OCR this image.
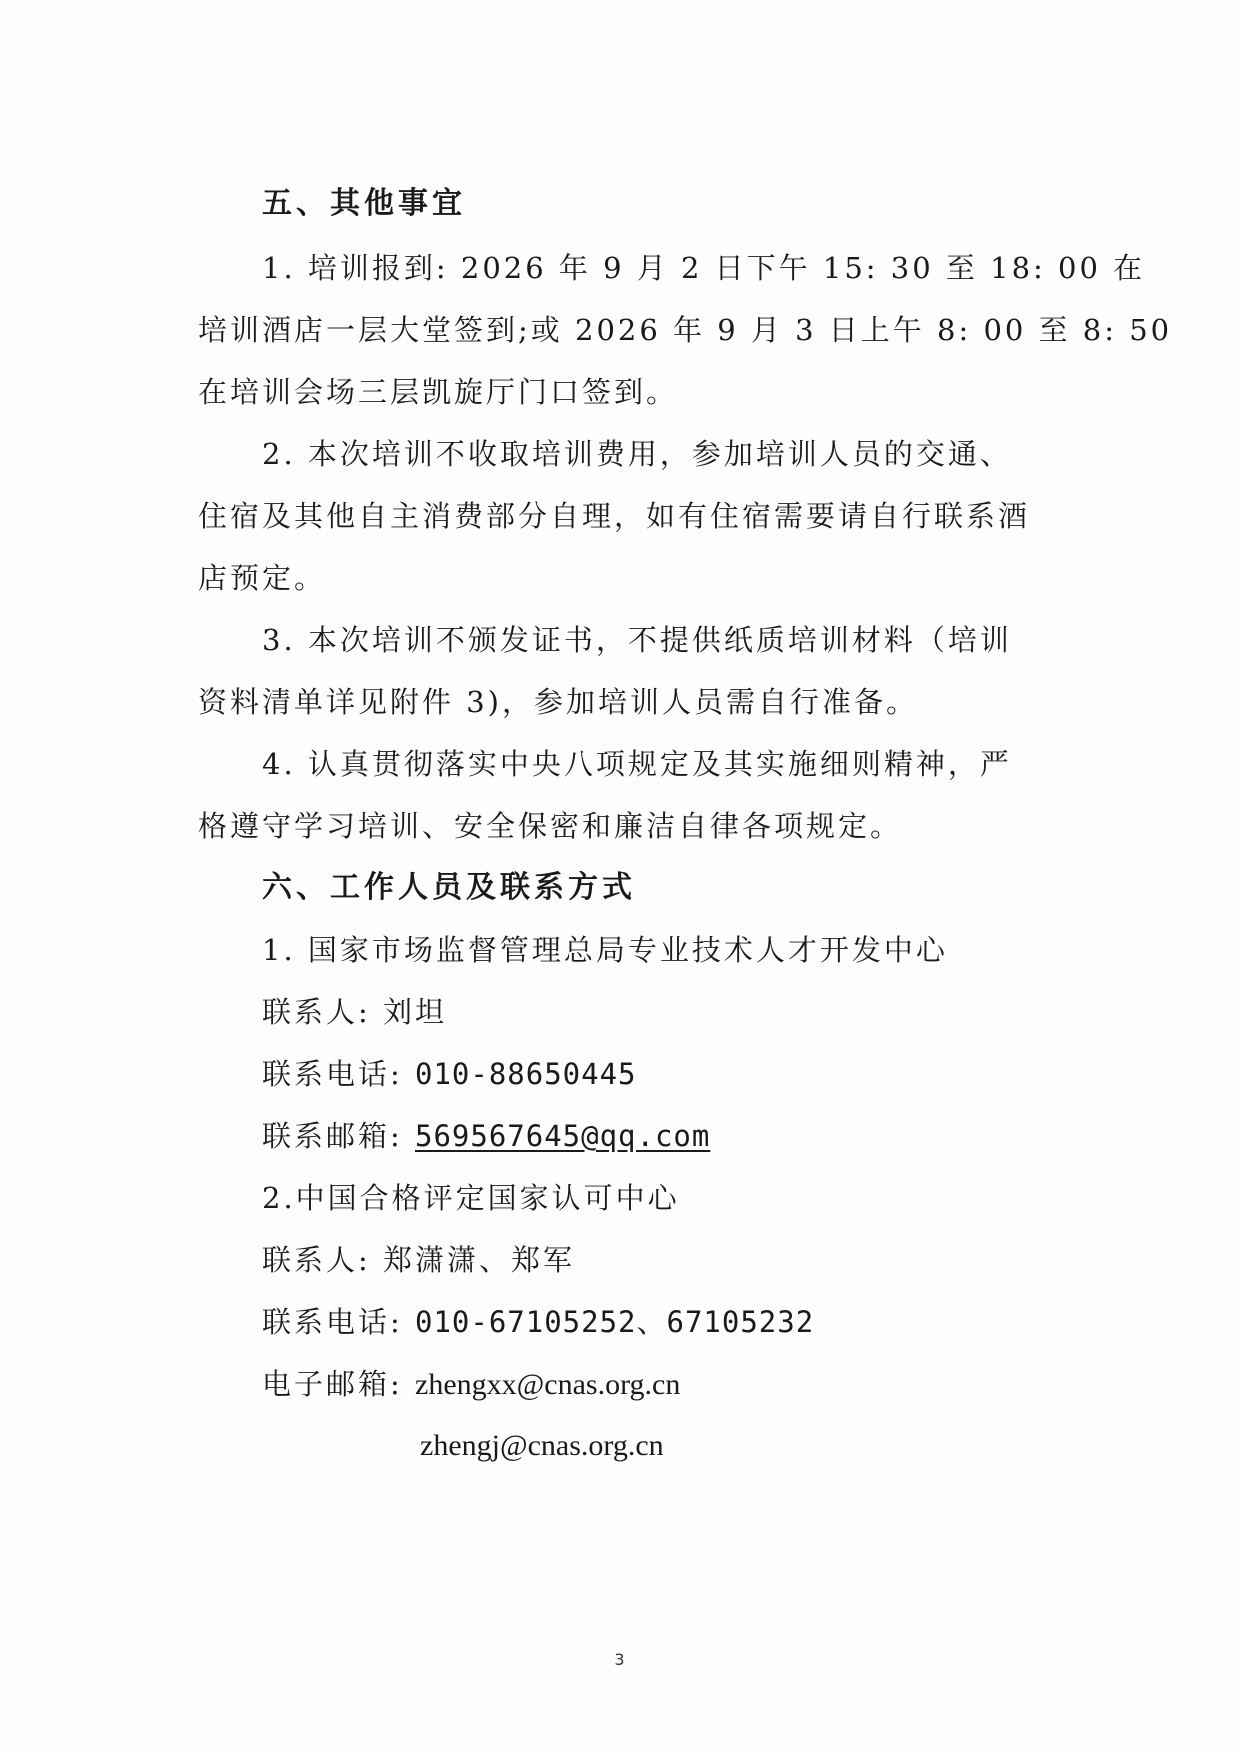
五、其他事宜
1. 培训报到: 2026 年 9 月 2 日下午 15: 30 至 18: 00 在
培训酒店一层大堂签到;或 2026 年 9 月 3 日上午 8: 00 至 8: 50
在培训会场三层凯旋厅门口签到。
2. 本次培训不收取培训费用，参加培训人员的交通、
住宿及其他自主消费部分自理，如有住宿需要请自行联系酒
店预定。
3. 本次培训不颁发证书，不提供纸质培训材料（培训
资料清单详见附件 3)，参加培训人员需自行准备。
4. 认真贯彻落实中央八项规定及其实施细则精神，严
格遵守学习培训、安全保密和廉洁自律各项规定。
六、工作人员及联系方式
1. 国家市场监督管理总局专业技术人才开发中心
联系人: 刘坦
联系电话: 010-88650445
联系邮箱: 569567645@qq.com
2.中国合格评定国家认可中心
联系人: 郑潇潇、郑军
联系电话: 010-67105252、67105232
电子邮箱: zhengxx@cnas.org.cn
zhengj@cnas.org.cn
3
